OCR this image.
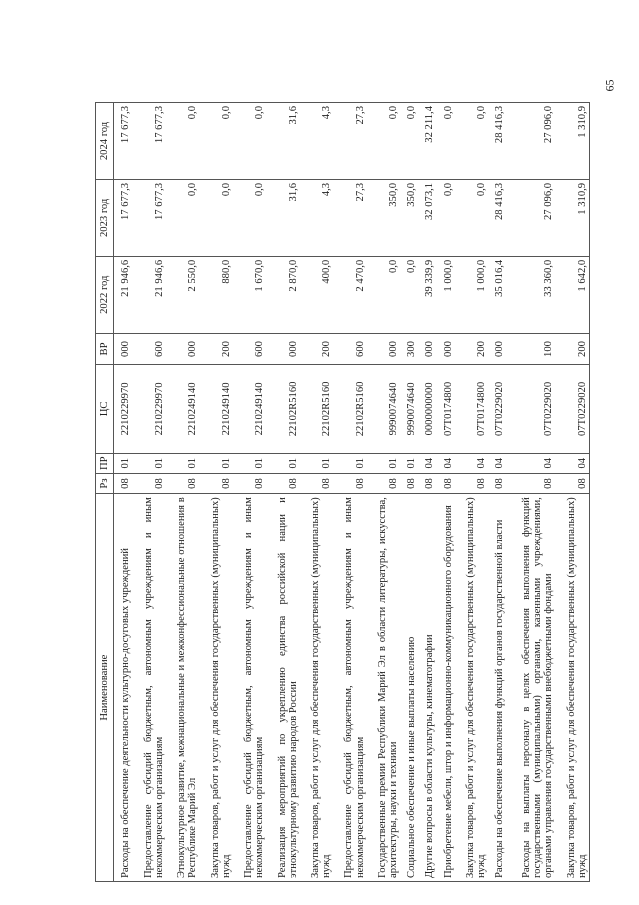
65
Наименование	Рз	ПР	ЦС	ВР	2022 год	2023 год	2024 год
Расходы на обеспечение деятельности культурно-досуговых учреждений	08	01	2210229970	000	21 946,6	17 677,3	17 677,3
Предоставление субсидий бюджетным, автономным учреждениям и иным некоммерческим организациям	08	01	2210229970	600	21 946,6	17 677,3	17 677,3
Этнокультурное развитие, межнациональные и межконфессиональные отношения в Республике Марий Эл	08	01	2210249140	000	2 550,0	0,0	0,0
Закупка товаров, работ и услуг для обеспечения государственных (муниципальных) нужд	08	01	2210249140	200	880,0	0,0	0,0
Предоставление субсидий бюджетным, автономным учреждениям и иным некоммерческим организациям	08	01	2210249140	600	1 670,0	0,0	0,0
Реализация мероприятий по укреплению единства российской нации и этнокультурному развитию народов России	08	01	22102R5160	000	2 870,0	31,6	31,6
Закупка товаров, работ и услуг для обеспечения государственных (муниципальных) нужд	08	01	22102R5160	200	400,0	4,3	4,3
Предоставление субсидий бюджетным, автономным учреждениям и иным некоммерческим организациям	08	01	22102R5160	600	2 470,0	27,3	27,3
Государственные премии Республики Марий Эл в области литературы, искусства, архитектуры, науки и техники	08	01	9990074640	000	0,0	350,0	0,0
Социальное обеспечение и иные выплаты населению	08	01	9990074640	300	0,0	350,0	0,0
Другие вопросы в области культуры, кинематографии	08	04	0000000000	000	39 339,9	32 073,1	32 211,4
Приобретение мебели, штор и информационно-коммуникационного оборудования	08	04	07Т0174800	000	1 000,0	0,0	0,0
Закупка товаров, работ и услуг для обеспечения государственных (муниципальных) нужд	08	04	07Т0174800	200	1 000,0	0,0	0,0
Расходы на обеспечение выполнения функций органов государственной власти	08	04	07Т0229020	000	35 016,4	28 416,3	28 416,3
Расходы на выплаты персоналу в целях обеспечения выполнения функций государственными (муниципальными) органами, казенными учреждениями, органами управления государственными внебюджетными фондами	08	04	07Т0229020	100	33 360,0	27 096,0	27 096,0
Закупка товаров, работ и услуг для обеспечения государственных (муниципальных) нужд	08	04	07Т0229020	200	1 642,0	1 310,9	1 310,9
